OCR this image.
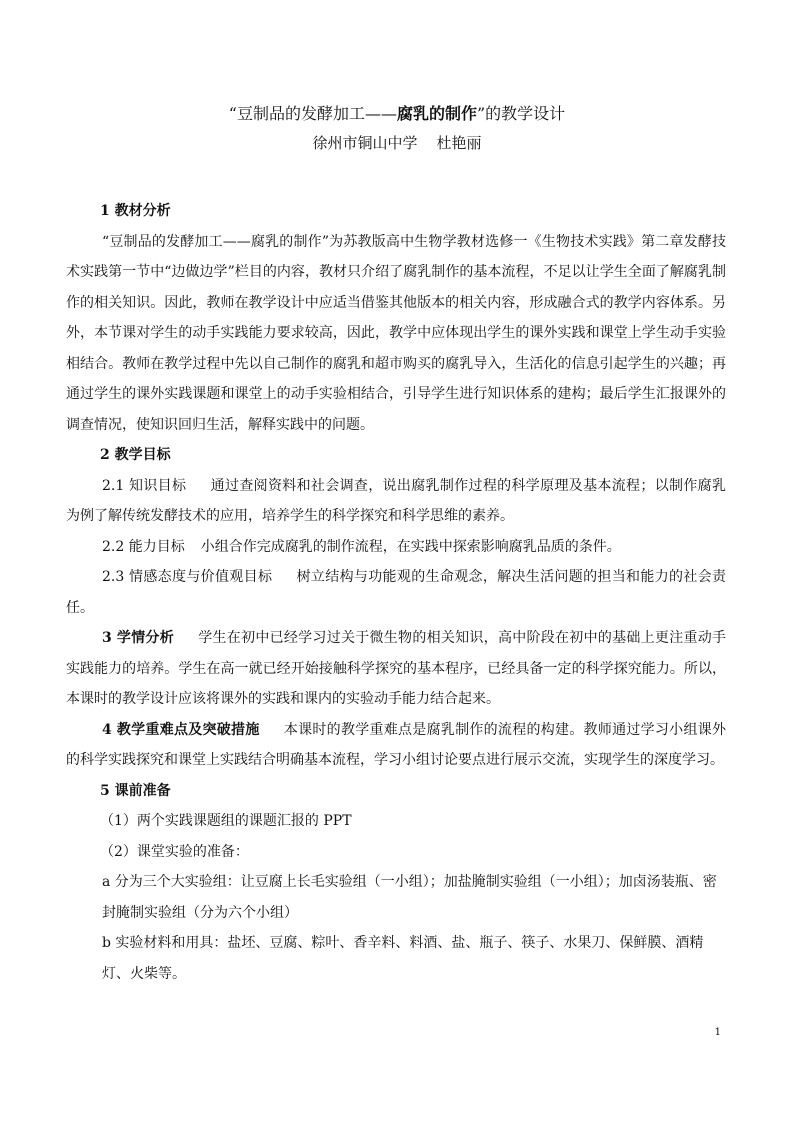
“豆制品的发酵加工——腐乳的制作”的教学设计
徐州市铜山中学    杜艳丽

1 教材分析

“豆制品的发酵加工——腐乳的制作”为苏教版高中生物学教材选修一《生物技术实践》第二章发酵技术实践第一节中“边做边学”栏目的内容，教材只介绍了腐乳制作的基本流程，不足以让学生全面了解腐乳制作的相关知识。因此，教师在教学设计中应适当借鉴其他版本的相关内容，形成融合式的教学内容体系。另外，本节课对学生的动手实践能力要求较高，因此，教学中应体现出学生的课外实践和课堂上学生动手实验相结合。教师在教学过程中先以自己制作的腐乳和超市购买的腐乳导入，生活化的信息引起学生的兴趣；再通过学生的课外实践课题和课堂上的动手实验相结合，引导学生进行知识体系的建构；最后学生汇报课外的调查情况，使知识回归生活，解释实践中的问题。

2 教学目标

2.1 知识目标 通过查阅资料和社会调查，说出腐乳制作过程的科学原理及基本流程；以制作腐乳为例了解传统发酵技术的应用，培养学生的科学探究和科学思维的素养。

2.2 能力目标 小组合作完成腐乳的制作流程，在实践中探索影响腐乳品质的条件。

2.3 情感态度与价值观目标 树立结构与功能观的生命观念，解决生活问题的担当和能力的社会责任。

3 学情分析 学生在初中已经学习过关于微生物的相关知识，高中阶段在初中的基础上更注重动手实践能力的培养。学生在高一就已经开始接触科学探究的基本程序，已经具备一定的科学探究能力。所以，本课时的教学设计应该将课外的实践和课内的实验动手能力结合起来。

4 教学重难点及突破措施 本课时的教学重难点是腐乳制作的流程的构建。教师通过学习小组课外的科学实践探究和课堂上实践结合明确基本流程，学习小组讨论要点进行展示交流，实现学生的深度学习。

5 课前准备

（1）两个实践课题组的课题汇报的 PPT

（2）课堂实验的准备：

a 分为三个大实验组：让豆腐上长毛实验组（一小组）；加盐腌制实验组（一小组）；加卤汤装瓶、密封腌制实验组（分为六个小组）

b 实验材料和用具：盐坯、豆腐、粽叶、香辛料、料酒、盐、瓶子、筷子、水果刀、保鲜膜、酒精灯、火柴等。

1
